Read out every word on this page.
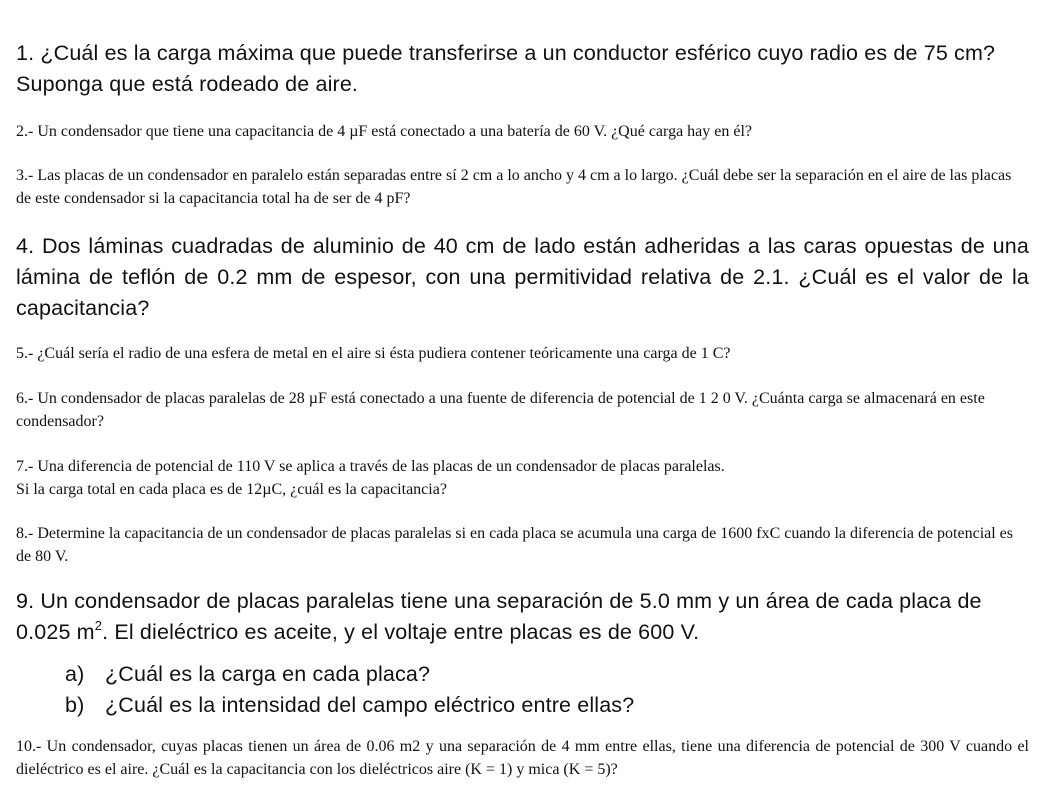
1. ¿Cuál es la carga máxima que puede transferirse a un conductor esférico cuyo radio es de 75 cm? Suponga que está rodeado de aire.

2.- Un condensador que tiene una capacitancia de 4 µF está conectado a una batería de 60 V. ¿Qué carga hay en él?

3.- Las placas de un condensador en paralelo están separadas entre sí 2 cm a lo ancho y 4 cm a lo largo. ¿Cuál debe ser la separación en el aire de las placas de este condensador si la capacitancia total ha de ser de 4 pF?

4. Dos láminas cuadradas de aluminio de 40 cm de lado están adheridas a las caras opuestas de una lámina de teflón de 0.2 mm de espesor, con una permitividad relativa de 2.1. ¿Cuál es el valor de la capacitancia?

5.- ¿Cuál sería el radio de una esfera de metal en el aire si ésta pudiera contener teóricamente una carga de 1 C?

6.- Un condensador de placas paralelas de 28 µF está conectado a una fuente de diferencia de potencial de 1 2 0 V. ¿Cuánta carga se almacenará en este condensador?

7.- Una diferencia de potencial de 110 V se aplica a través de las placas de un condensador de placas paralelas.
Si la carga total en cada placa es de 12µC, ¿cuál es la capacitancia?

8.- Determine la capacitancia de un condensador de placas paralelas si en cada placa se acumula una carga de 1600 fxC cuando la diferencia de potencial es de 80 V.

9. Un condensador de placas paralelas tiene una separación de 5.0 mm y un área de cada placa de 0.025 $m^2$. El dieléctrico es aceite, y el voltaje entre placas es de 600 V.

a) ¿Cuál es la carga en cada placa?
b) ¿Cuál es la intensidad del campo eléctrico entre ellas?

10.- Un condensador, cuyas placas tienen un área de 0.06 m2 y una separación de 4 mm entre ellas, tiene una diferencia de potencial de 300 V cuando el dieléctrico es el aire. ¿Cuál es la capacitancia con los dieléctricos aire (K = 1) y mica (K = 5)?
